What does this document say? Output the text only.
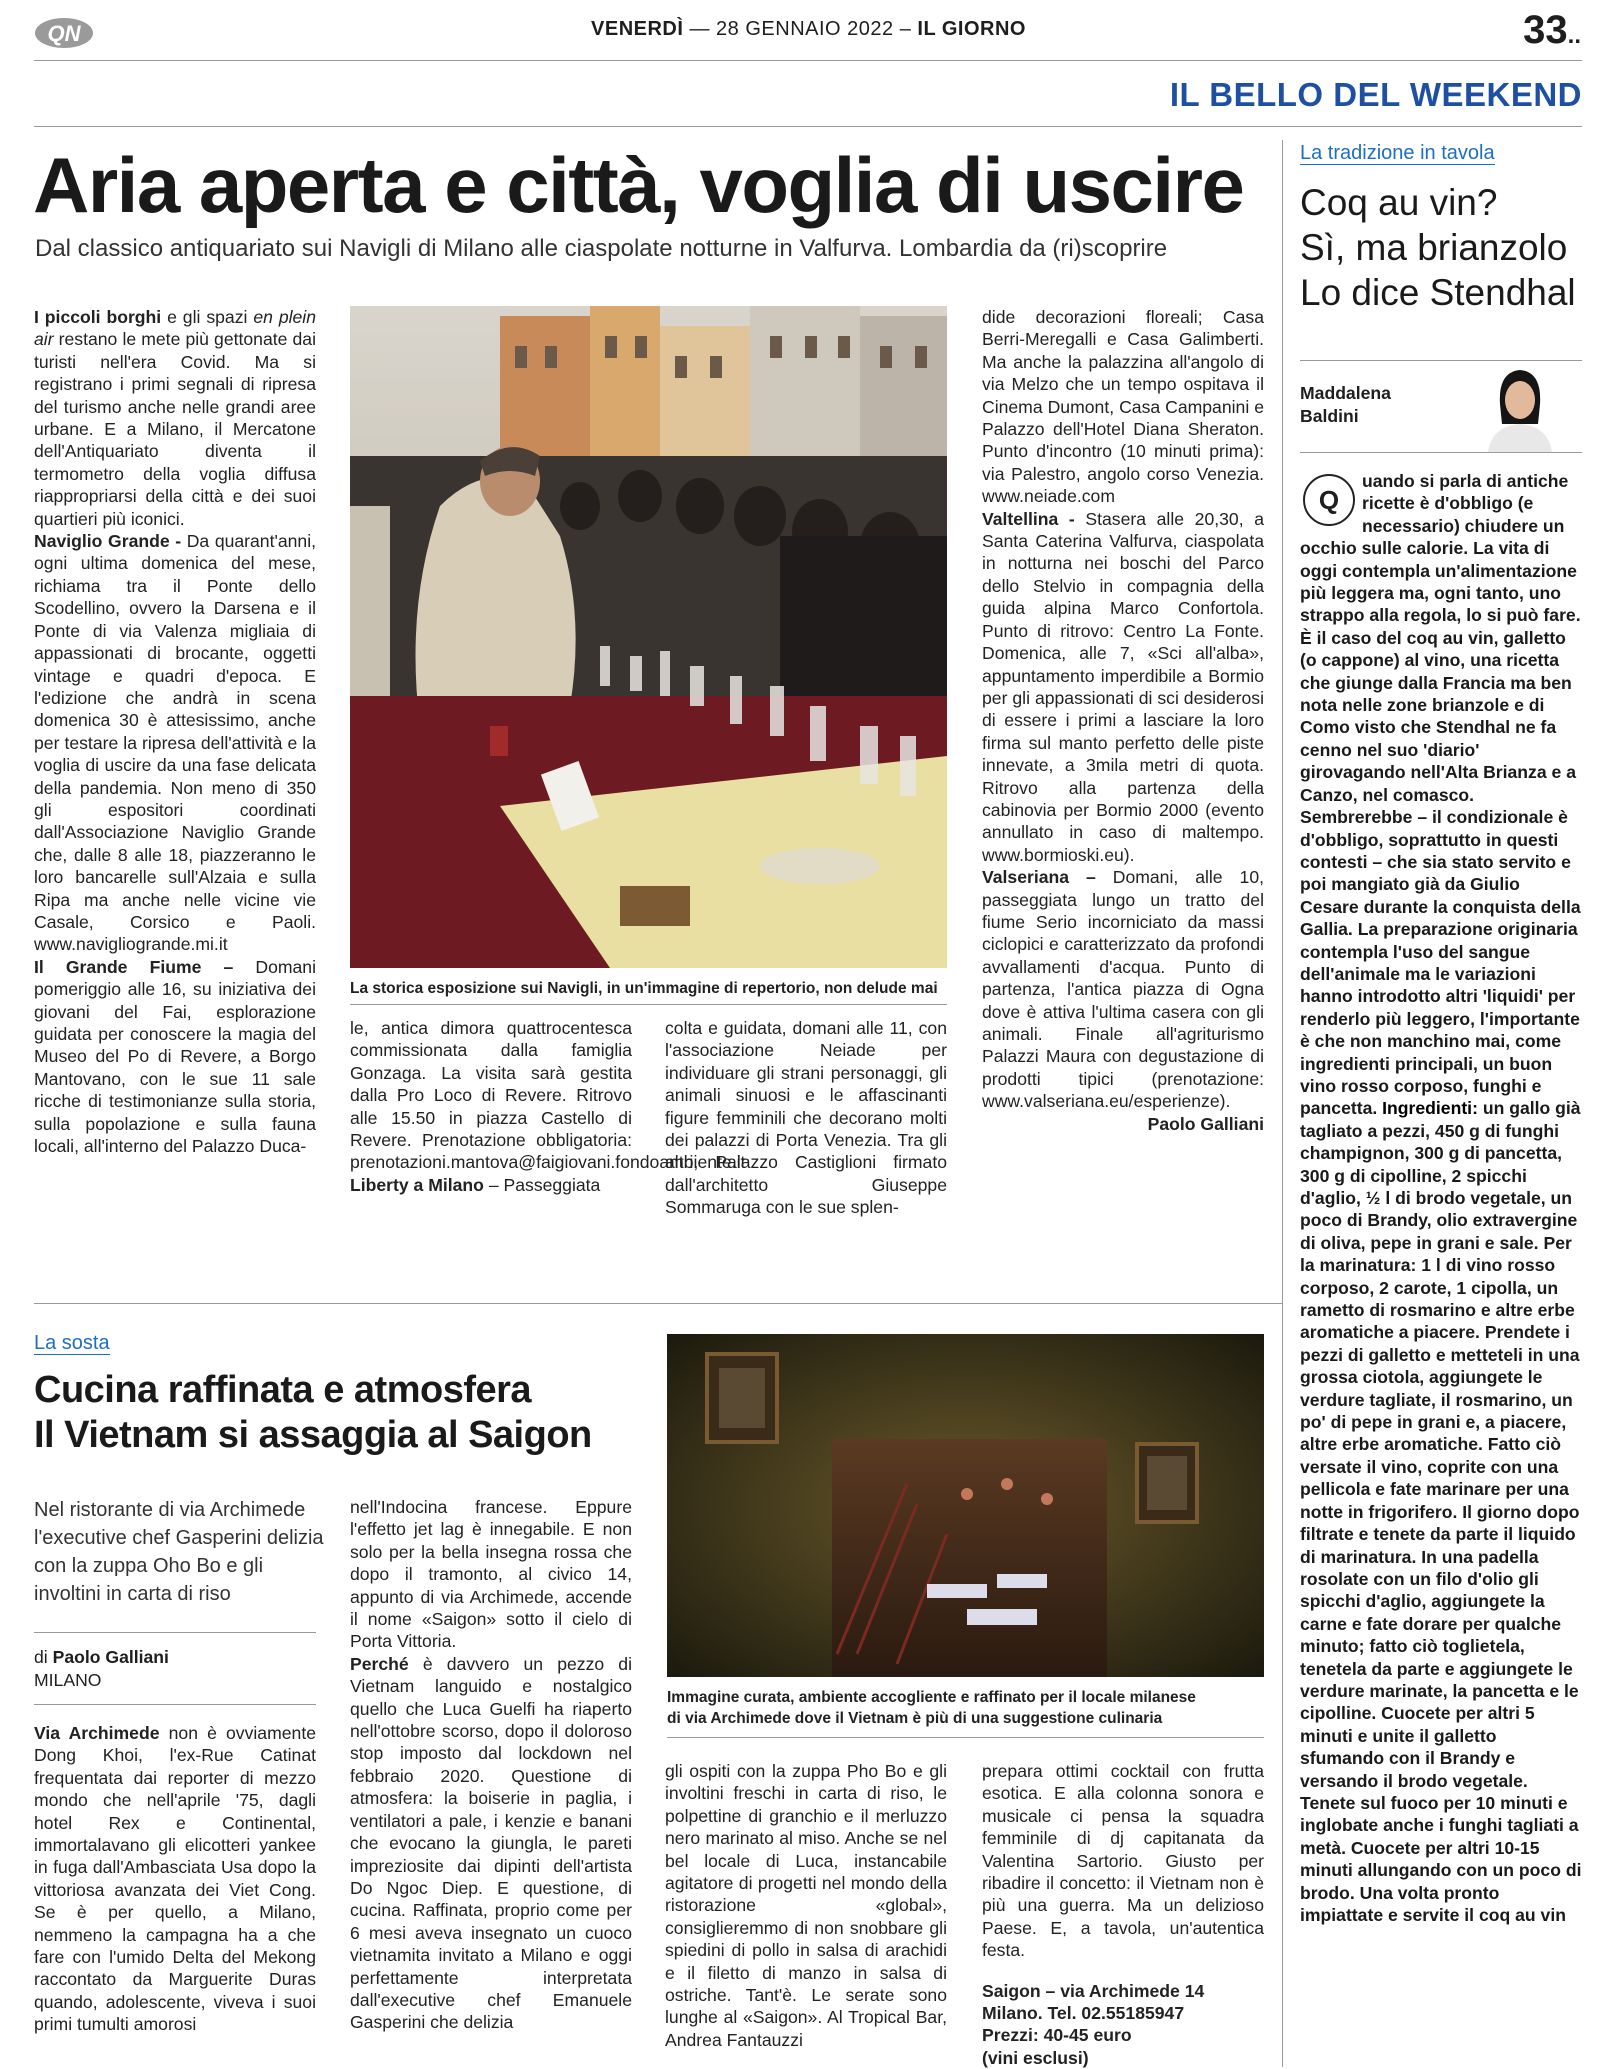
QN	VENERDÌ — 28 GENNAIO 2022 – IL GIORNO	33..
IL BELLO DEL WEEKEND
Aria aperta e città, voglia di uscire
Dal classico antiquariato sui Navigli di Milano alle ciaspolate notturne in Valfurva. Lombardia da (ri)scoprire

I piccoli borghi e gli spazi en plein air restano le mete più gettonate dai turisti nell'era Covid. Ma si registrano i primi segnali di ripresa del turismo anche nelle grandi aree urbane. E a Milano, il Mercatone dell'Antiquariato diventa il termometro della voglia diffusa riappropriarsi della città e dei suoi quartieri più iconici.

Naviglio Grande - Da quarant'anni, ogni ultima domenica del mese, richiama tra il Ponte dello Scodellino, ovvero la Darsena e il Ponte di via Valenza migliaia di appassionati di brocante, oggetti vintage e quadri d'epoca. E l'edizione che andrà in scena domenica 30 è attesissimo, anche per testare la ripresa dell'attività e la voglia di uscire da una fase delicata della pandemia. Non meno di 350 gli espositori coordinati dall'Associazione Naviglio Grande che, dalle 8 alle 18, piazzeranno le loro bancarelle sull'Alzaia e sulla Ripa ma anche nelle vicine vie Casale, Corsico e Paoli. www.navigliogrande.mi.it

Il Grande Fiume – Domani pomeriggio alle 16, su iniziativa dei giovani del Fai, esplorazione guidata per conoscere la magia del Museo del Po di Revere, a Borgo Mantovano, con le sue 11 sale ricche di testimonianze sulla storia, sulla popolazione e sulla fauna locali, all'interno del Palazzo Duca-

La storica esposizione sui Navigli, in un'immagine di repertorio, non delude mai

le, antica dimora quattrocentesca commissionata dalla famiglia Gonzaga. La visita sarà gestita dalla Pro Loco di Revere. Ritrovo alle 15.50 in piazza Castello di Revere. Prenotazione obbligatoria: prenotazioni.mantova@faigiovani.fondoambiente.it

Liberty a Milano – Passeggiata

colta e guidata, domani alle 11, con l'associazione Neiade per individuare gli strani personaggi, gli animali sinuosi e le affascinanti figure femminili che decorano molti dei palazzi di Porta Venezia. Tra gli altri, Palazzo Castiglioni firmato dall'architetto Giuseppe Sommaruga con le sue splen-

dide decorazioni floreali; Casa Berri-Meregalli e Casa Galimberti. Ma anche la palazzina all'angolo di via Melzo che un tempo ospitava il Cinema Dumont, Casa Campanini e Palazzo dell'Hotel Diana Sheraton. Punto d'incontro (10 minuti prima): via Palestro, angolo corso Venezia. www.neiade.com

Valtellina - Stasera alle 20,30, a Santa Caterina Valfurva, ciaspolata in notturna nei boschi del Parco dello Stelvio in compagnia della guida alpina Marco Confortola. Punto di ritrovo: Centro La Fonte. Domenica, alle 7, «Sci all'alba», appuntamento imperdibile a Bormio per gli appassionati di sci desiderosi di essere i primi a lasciare la loro firma sul manto perfetto delle piste innevate, a 3mila metri di quota. Ritrovo alla partenza della cabinovia per Bormio 2000 (evento annullato in caso di maltempo. www.bormioski.eu).

Valseriana – Domani, alle 10, passeggiata lungo un tratto del fiume Serio incorniciato da massi ciclopici e caratterizzato da profondi avvallamenti d'acqua. Punto di partenza, l'antica piazza di Ogna dove è attiva l'ultima casera con gli animali. Finale all'agriturismo Palazzi Maura con degustazione di prodotti tipici (prenotazione: www.valseriana.eu/esperienze).

Paolo Galliani

La tradizione in tavola
Coq au vin?
Sì, ma brianzolo
Lo dice Stendhal
Maddalena
Baldini
Q
uando si parla di antiche ricette è d'obbligo (e necessario) chiudere un occhio sulle calorie. La vita di oggi contempla un'alimentazione più leggera ma, ogni tanto, uno strappo alla regola, lo si può fare. È il caso del coq au vin, galletto (o cappone) al vino, una ricetta che giunge dalla Francia ma ben nota nelle zone brianzole e di Como visto che Stendhal ne fa cenno nel suo 'diario' girovagando nell'Alta Brianza e a Canzo, nel comasco. Sembrerebbe – il condizionale è d'obbligo, soprattutto in questi contesti – che sia stato servito e poi mangiato già da Giulio Cesare durante la conquista della Gallia. La preparazione originaria contempla l'uso del sangue dell'animale ma le variazioni hanno introdotto altri 'liquidi' per renderlo più leggero, l'importante è che non manchino mai, come ingredienti principali, un buon vino rosso corposo, funghi e pancetta. Ingredienti: un gallo già tagliato a pezzi, 450 g di funghi champignon, 300 g di pancetta, 300 g di cipolline, 2 spicchi d'aglio, ½ l di brodo vegetale, un poco di Brandy, olio extravergine di oliva, pepe in grani e sale. Per la marinatura: 1 l di vino rosso corposo, 2 carote, 1 cipolla, un rametto di rosmarino e altre erbe aromatiche a piacere. Prendete i pezzi di galletto e metteteli in una grossa ciotola, aggiungete le verdure tagliate, il rosmarino, un po' di pepe in grani e, a piacere, altre erbe aromatiche. Fatto ciò versate il vino, coprite con una pellicola e fate marinare per una notte in frigorifero. Il giorno dopo filtrate e tenete da parte il liquido di marinatura. In una padella rosolate con un filo d'olio gli spicchi d'aglio, aggiungete la carne e fate dorare per qualche minuto; fatto ciò toglietela, tenetela da parte e aggiungete le verdure marinate, la pancetta e le cipolline. Cuocete per altri 5 minuti e unite il galletto sfumando con il Brandy e versando il brodo vegetale. Tenete sul fuoco per 10 minuti e inglobate anche i funghi tagliati a metà. Cuocete per altri 10-15 minuti allungando con un poco di brodo. Una volta pronto impiattate e servite il coq au vin
La sosta
Cucina raffinata e atmosfera
Il Vietnam si assaggia al Saigon
Nel ristorante di via Archimede l'executive chef Gasperini delizia con la zuppa Oho Bo e gli involtini in carta di riso
di Paolo Galliani
MILANO

Via Archimede non è ovviamente Dong Khoi, l'ex-Rue Catinat frequentata dai reporter di mezzo mondo che nell'aprile '75, dagli hotel Rex e Continental, immortalavano gli elicotteri yankee in fuga dall'Ambasciata Usa dopo la vittoriosa avanzata dei Viet Cong. Se è per quello, a Milano, nemmeno la campagna ha a che fare con l'umido Delta del Mekong raccontato da Marguerite Duras quando, adolescente, viveva i suoi primi tumulti amorosi

nell'Indocina francese. Eppure l'effetto jet lag è innegabile. E non solo per la bella insegna rossa che dopo il tramonto, al civico 14, appunto di via Archimede, accende il nome «Saigon» sotto il cielo di Porta Vittoria.

Perché è davvero un pezzo di Vietnam languido e nostalgico quello che Luca Guelfi ha riaperto nell'ottobre scorso, dopo il doloroso stop imposto dal lockdown nel febbraio 2020. Questione di atmosfera: la boiserie in paglia, i ventilatori a pale, i kenzie e banani che evocano la giungla, le pareti impreziosite dai dipinti dell'artista Do Ngoc Diep. E questione, di cucina. Raffinata, proprio come per 6 mesi aveva insegnato un cuoco vietnamita invitato a Milano e oggi perfettamente interpretata dall'executive chef Emanuele Gasperini che delizia

Immagine curata, ambiente accogliente e raffinato per il locale milanese
di via Archimede dove il Vietnam è più di una suggestione culinaria

gli ospiti con la zuppa Pho Bo e gli involtini freschi in carta di riso, le polpettine di granchio e il merluzzo nero marinato al miso. Anche se nel bel locale di Luca, instancabile agitatore di progetti nel mondo della ristorazione «global», consiglieremmo di non snobbare gli spiedini di pollo in salsa di arachidi e il filetto di manzo in salsa di ostriche. Tant'è. Le serate sono lunghe al «Saigon». Al Tropical Bar, Andrea Fantauzzi

prepara ottimi cocktail con frutta esotica. E alla colonna sonora e musicale ci pensa la squadra femminile di dj capitanata da Valentina Sartorio. Giusto per ribadire il concetto: il Vietnam non è più una guerra. Ma un delizioso Paese. E, a tavola, un'autentica festa.

Saigon – via Archimede 14
Milano. Tel. 02.55185947
Prezzi: 40-45 euro
(vini esclusi)
